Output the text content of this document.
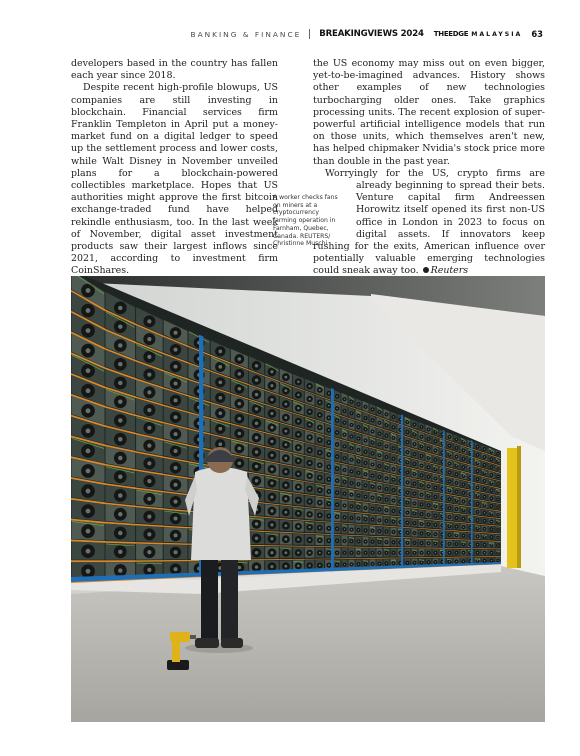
BANKING & FINANCE BREAKINGVIEWS 2024 THEEDGE MALAYSIA 63

developers based in the country has fallen each year since 2018.

Despite recent high-profile blowups, US companies are still investing in blockchain. Financial services firm Franklin Templeton in April put a money-market fund on a digital ledger to speed up the settlement process and lower costs, while Walt Disney in November unveiled plans for a blockchain-powered collectibles marketplace. Hopes that US authorities might approve the first bitcoin exchange-traded fund have helped rekindle enthusiasm, too. In the last week of November, digital asset investment products saw their largest inflows since 2021, according to investment firm CoinShares.

the US economy may miss out on even bigger, yet-to-be-imagined advances. History shows other examples of new technologies turbocharging older ones. Take graphics processing units. The recent explosion of super-powerful artificial intelligence models that run on those units, which themselves aren't new, has helped chipmaker Nvidia's stock price more than double in the past year.

Worryingly for the US, crypto firms are already beginning to spread their bets. Venture capital firm Andreessen Horowitz itself opened its first non-US office in London in 2023 to focus on digital assets. If innovators keep rushing for the exits, American influence over potentially valuable emerging technologies could sneak away too. Reuters

A worker checks fans on miners at a cryptocurrency farming operation in Farnham, Quebec, Canada. REUTERS/ Christinne Muschi
